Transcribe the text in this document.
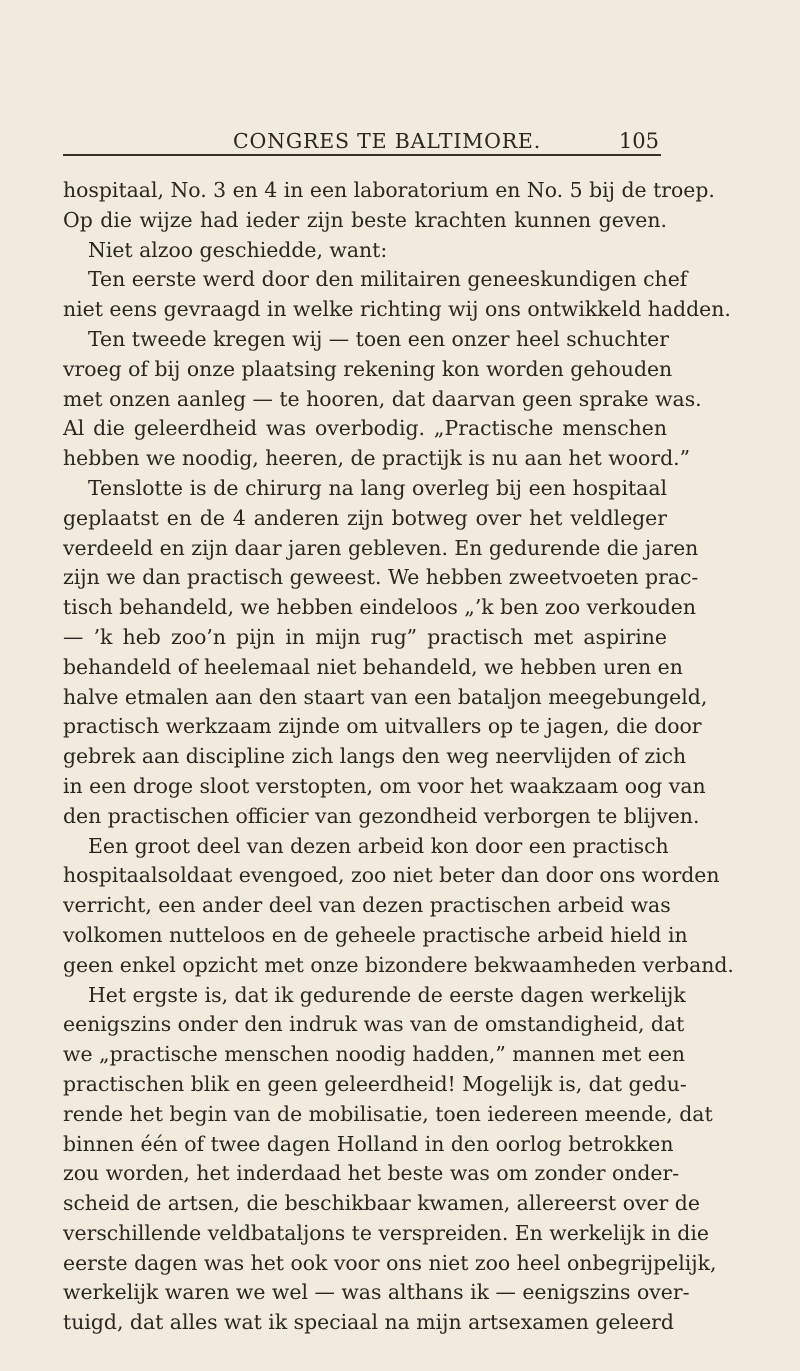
CONGRES TE BALTIMORE.	105
hospitaal, No. 3 en 4 in een laboratorium en No. 5 bij de troep.
Op die wijze had ieder zijn beste krachten kunnen geven.
Niet alzoo geschiedde, want:
Ten eerste werd door den militairen geneeskundigen chef
niet eens gevraagd in welke richting wij ons ontwikkeld hadden.
Ten tweede kregen wij — toen een onzer heel schuchter
vroeg of bij onze plaatsing rekening kon worden gehouden
met onzen aanleg — te hooren, dat daarvan geen sprake was.
Al die geleerdheid was overbodig. „Practische menschen
hebben we noodig, heeren, de practijk is nu aan het woord.”
Tenslotte is de chirurg na lang overleg bij een hospitaal
geplaatst en de 4 anderen zijn botweg over het veldleger
verdeeld en zijn daar jaren gebleven. En gedurende die jaren
zijn we dan practisch geweest. We hebben zweetvoeten prac-
tisch behandeld, we hebben eindeloos „’k ben zoo verkouden
— ’k heb zoo’n pijn in mijn rug” practisch met aspirine
behandeld of heelemaal niet behandeld, we hebben uren en
halve etmalen aan den staart van een bataljon meegebungeld,
practisch werkzaam zijnde om uitvallers op te jagen, die door
gebrek aan discipline zich langs den weg neervlijden of zich
in een droge sloot verstopten, om voor het waakzaam oog van
den practischen officier van gezondheid verborgen te blijven.
Een groot deel van dezen arbeid kon door een practisch
hospitaalsoldaat evengoed, zoo niet beter dan door ons worden
verricht, een ander deel van dezen practischen arbeid was
volkomen nutteloos en de geheele practische arbeid hield in
geen enkel opzicht met onze bizondere bekwaamheden verband.
Het ergste is, dat ik gedurende de eerste dagen werkelijk
eenigszins onder den indruk was van de omstandigheid, dat
we „practische menschen noodig hadden,” mannen met een
practischen blik en geen geleerdheid! Mogelijk is, dat gedu-
rende het begin van de mobilisatie, toen iedereen meende, dat
binnen één of twee dagen Holland in den oorlog betrokken
zou worden, het inderdaad het beste was om zonder onder-
scheid de artsen, die beschikbaar kwamen, allereerst over de
verschillende veldbataljons te verspreiden. En werkelijk in die
eerste dagen was het ook voor ons niet zoo heel onbegrijpelijk,
werkelijk waren we wel — was althans ik — eenigszins over-
tuigd, dat alles wat ik speciaal na mijn artsexamen geleerd
